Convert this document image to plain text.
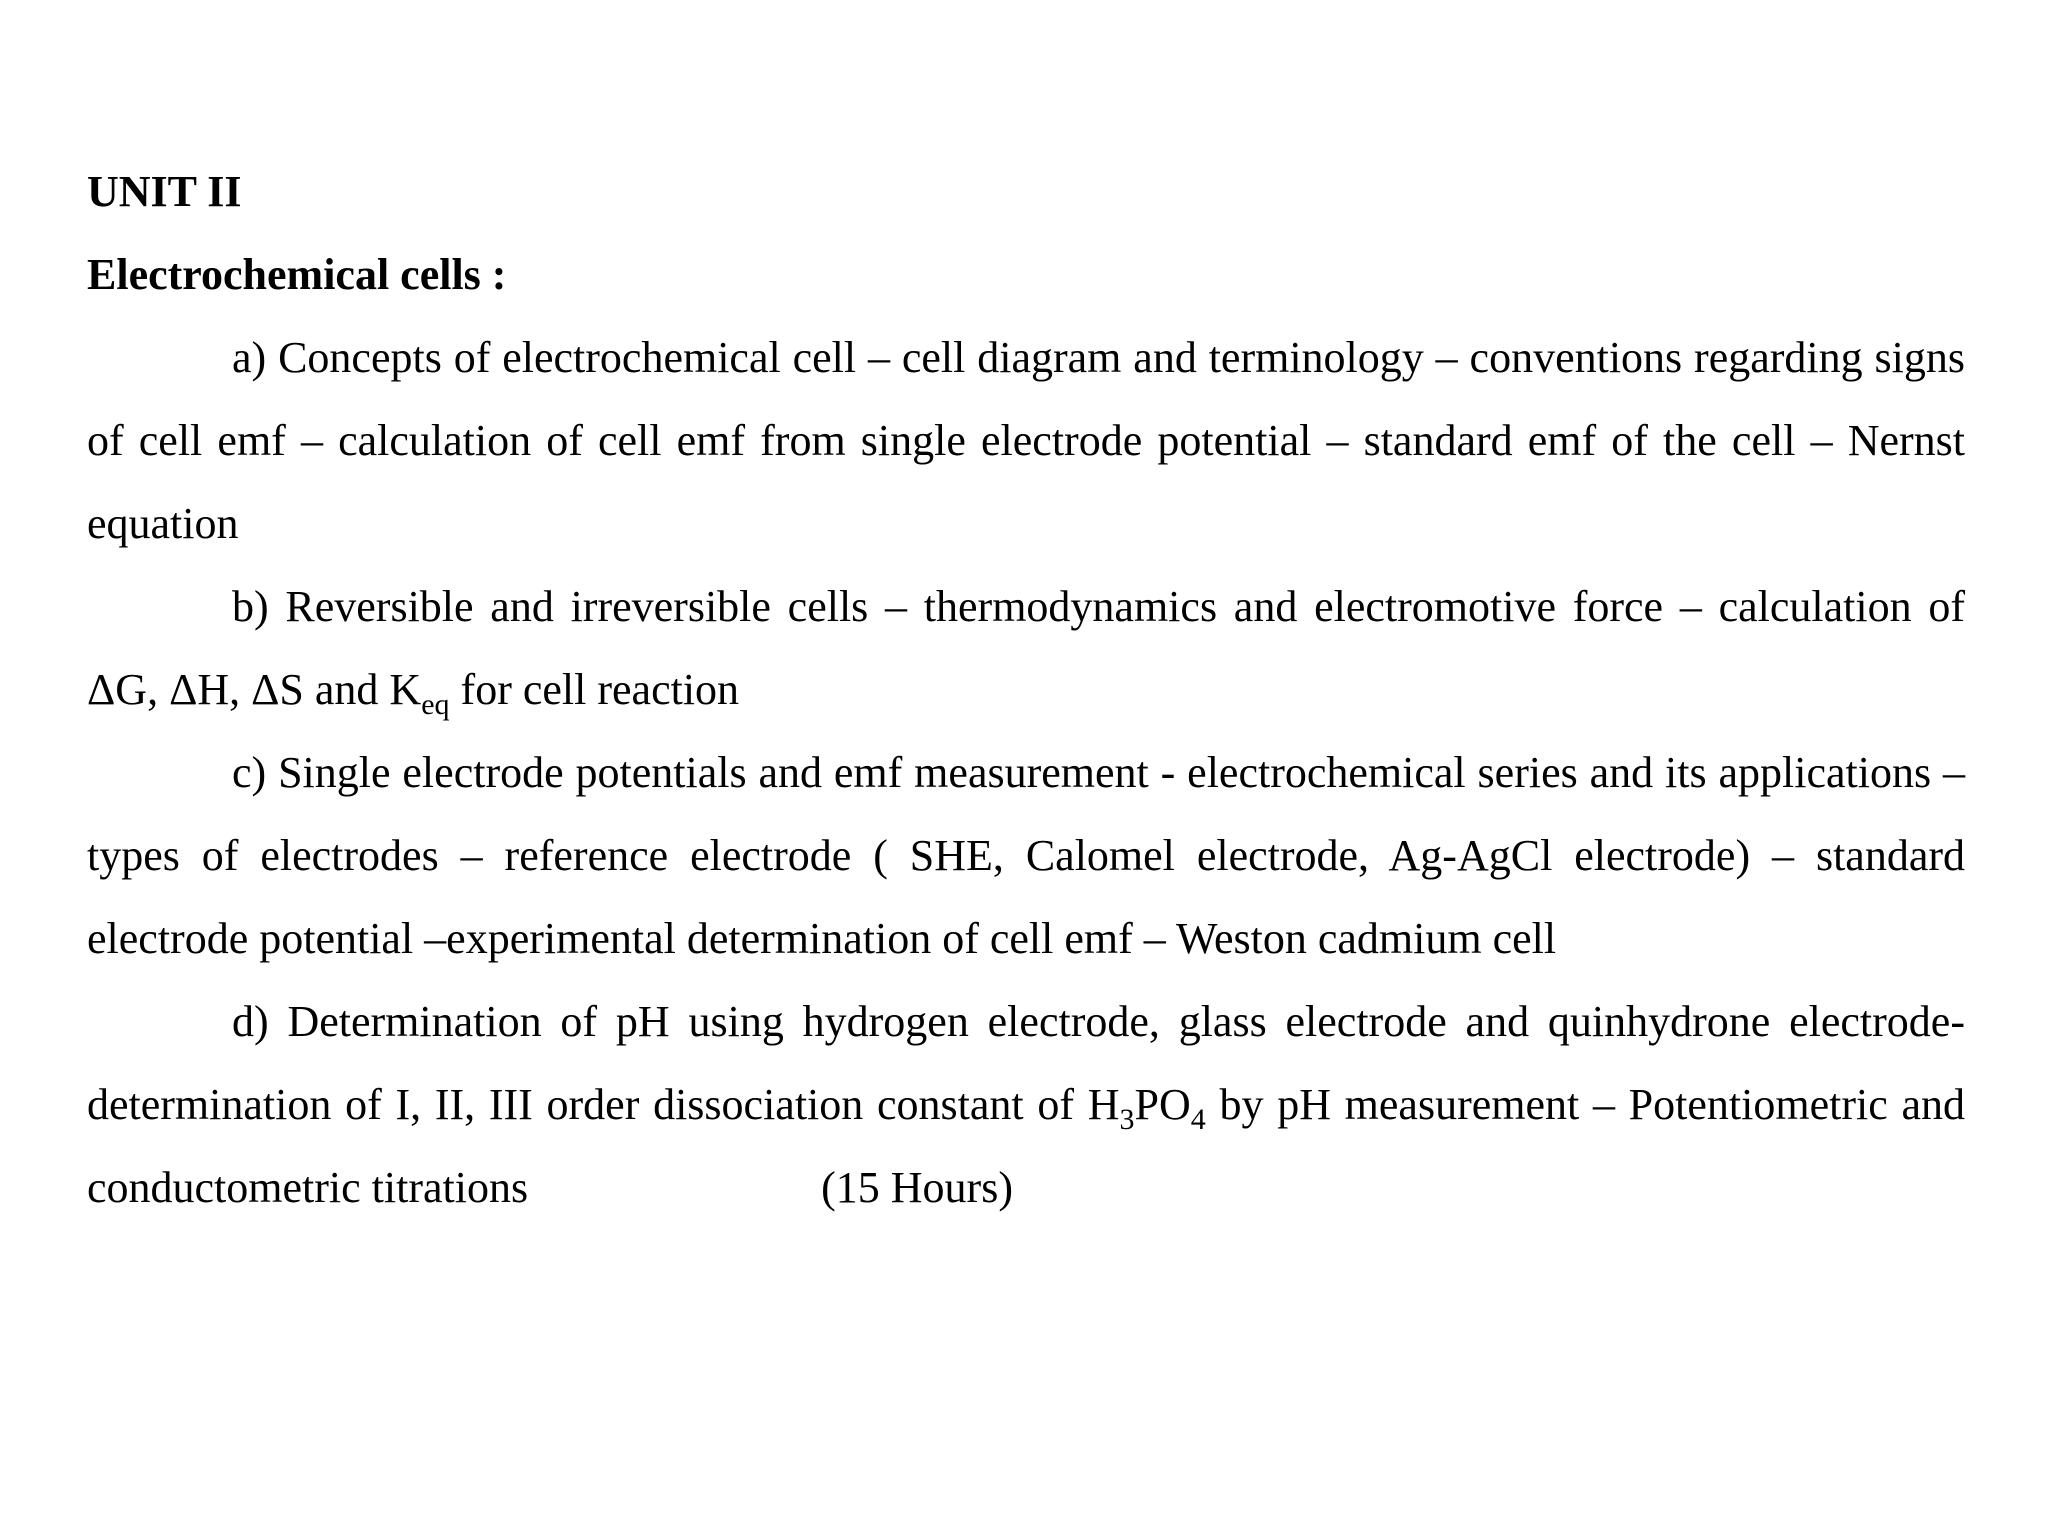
UNIT II

Electrochemical cells :

a) Concepts of electrochemical cell – cell diagram and terminology – conventions regarding signs of cell emf – calculation of cell emf from single electrode potential – standard emf of the cell – Nernst equation

b) Reversible and irreversible cells – thermodynamics and electromotive force – calculation of ΔG, ΔH, ΔS and $K_{eq}$ for cell reaction

c) Single electrode potentials and emf measurement - electrochemical series and its applications – types of electrodes – reference electrode ( SHE, Calomel electrode, Ag-AgCl electrode) – standard electrode potential –experimental determination of cell emf – Weston cadmium cell

d) Determination of pH using hydrogen electrode, glass electrode and quinhydrone electrode- determination of I, II, III order dissociation constant of $H_3PO_4$ by pH measurement – Potentiometric and conductometric titrations	(15 Hours)
